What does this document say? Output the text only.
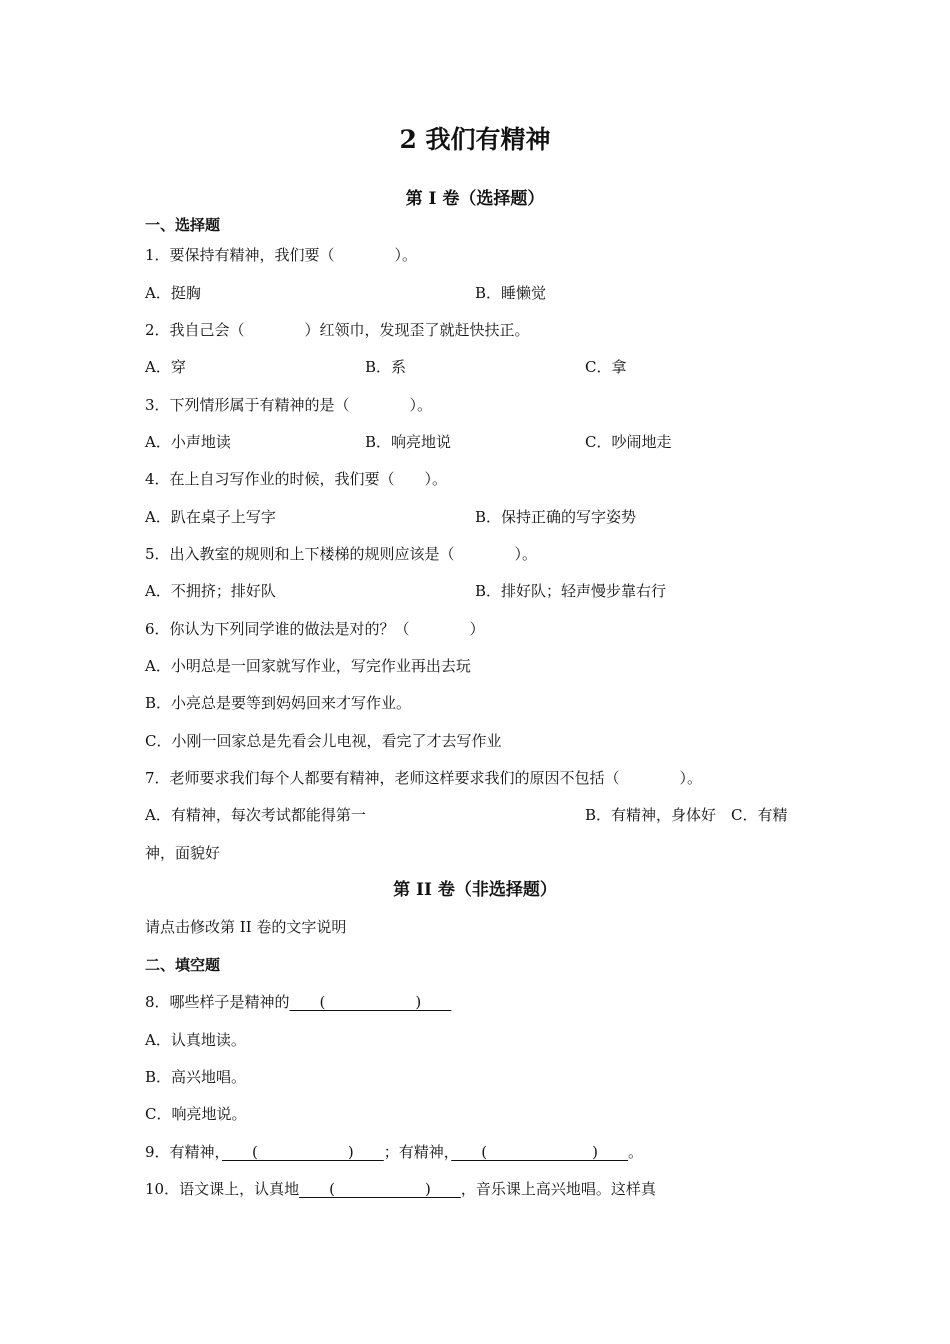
2 我们有精神
第 I 卷（选择题）
一、选择题
1．要保持有精神，我们要（　　　　）。
A．挺胸	B．睡懒觉
2．我自己会（　　　　）红领巾，发现歪了就赶快扶正。
A．穿	B．系	C．拿
3．下列情形属于有精神的是（　　　　）。
A．小声地读	B．响亮地说	C．吵闹地走
4．在上自习写作业的时候，我们要（　　）。
A．趴在桌子上写字	B．保持正确的写字姿势
5．出入教室的规则和上下楼梯的规则应该是（　　　　）。
A．不拥挤；排好队	B．排好队；轻声慢步靠右行
6．你认为下列同学谁的做法是对的？（　　　　）
A．小明总是一回家就写作业，写完作业再出去玩
B．小亮总是要等到妈妈回来才写作业。
C．小刚一回家总是先看会儿电视，看完了才去写作业
7．老师要求我们每个人都要有精神，老师这样要求我们的原因不包括（　　　　）。
A．有精神，每次考试都能得第一	B．有精神，身体好　C．有精
神，面貌好
第 II 卷（非选择题）
请点击修改第 II 卷的文字说明
二、填空题
8．哪些样子是精神的　　(　　　　　　)　　
A．认真地读。
B．高兴地唱。
C．响亮地说。
9．有精神，　　(　　　　　　)　　；有精神，　　(　　　　　　　)　　。
10．语文课上，认真地　　(　　　　　　)　　，音乐课上高兴地唱。这样真
